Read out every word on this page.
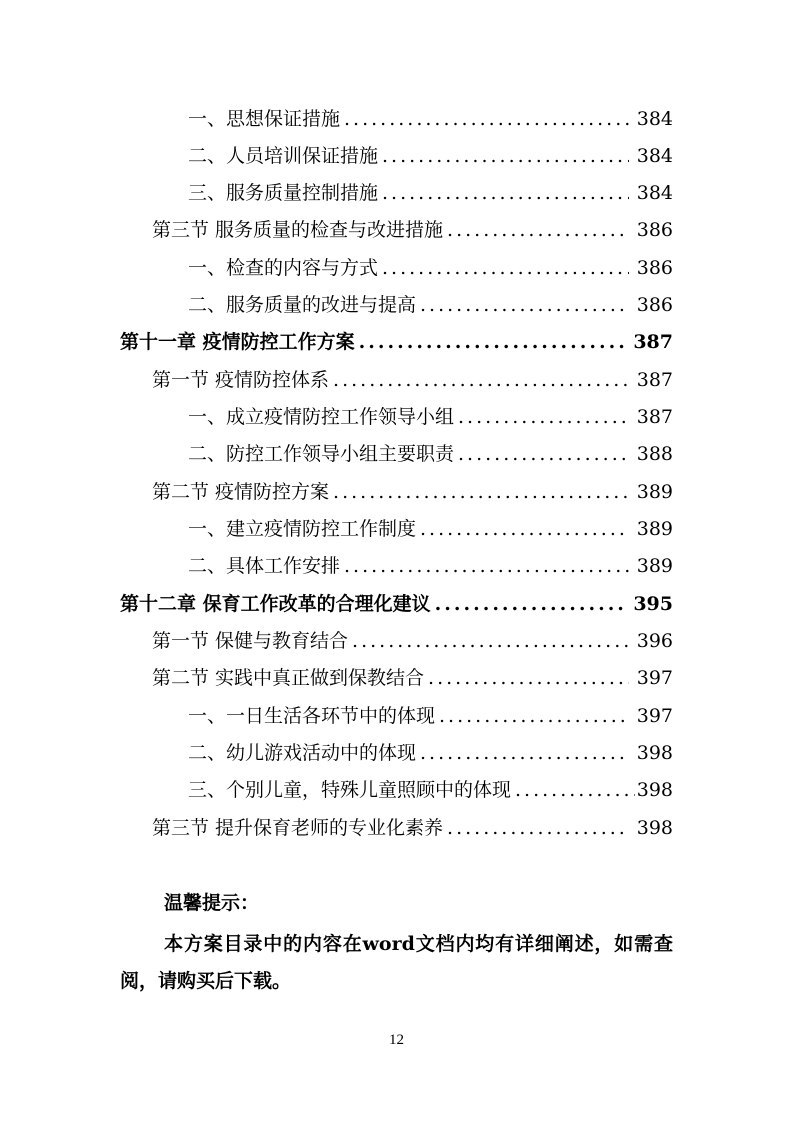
一、思想保证措施 .....	384
二、人员培训保证措施 .....	384
三、服务质量控制措施 .....	384
第三节 服务质量的检查与改进措施 .....	386
一、检查的内容与方式 .....	386
二、服务质量的改进与提高 .....	386
第十一章 疫情防控工作方案 .....	387
第一节 疫情防控体系 .....	387
一、成立疫情防控工作领导小组 .....	387
二、防控工作领导小组主要职责 .....	388
第二节 疫情防控方案 .....	389
一、建立疫情防控工作制度 .....	389
二、具体工作安排 .....	389
第十二章 保育工作改革的合理化建议 .....	395
第一节 保健与教育结合 .....	396
第二节 实践中真正做到保教结合 .....	397
一、一日生活各环节中的体现 .....	397
二、幼儿游戏活动中的体现 .....	398
三、个别儿童，特殊儿童照顾中的体现 .....	398
第三节 提升保育老师的专业化素养 .....	398
温馨提示：
本方案目录中的内容在word文档内均有详细阐述，如需查阅，请购买后下载。
12
